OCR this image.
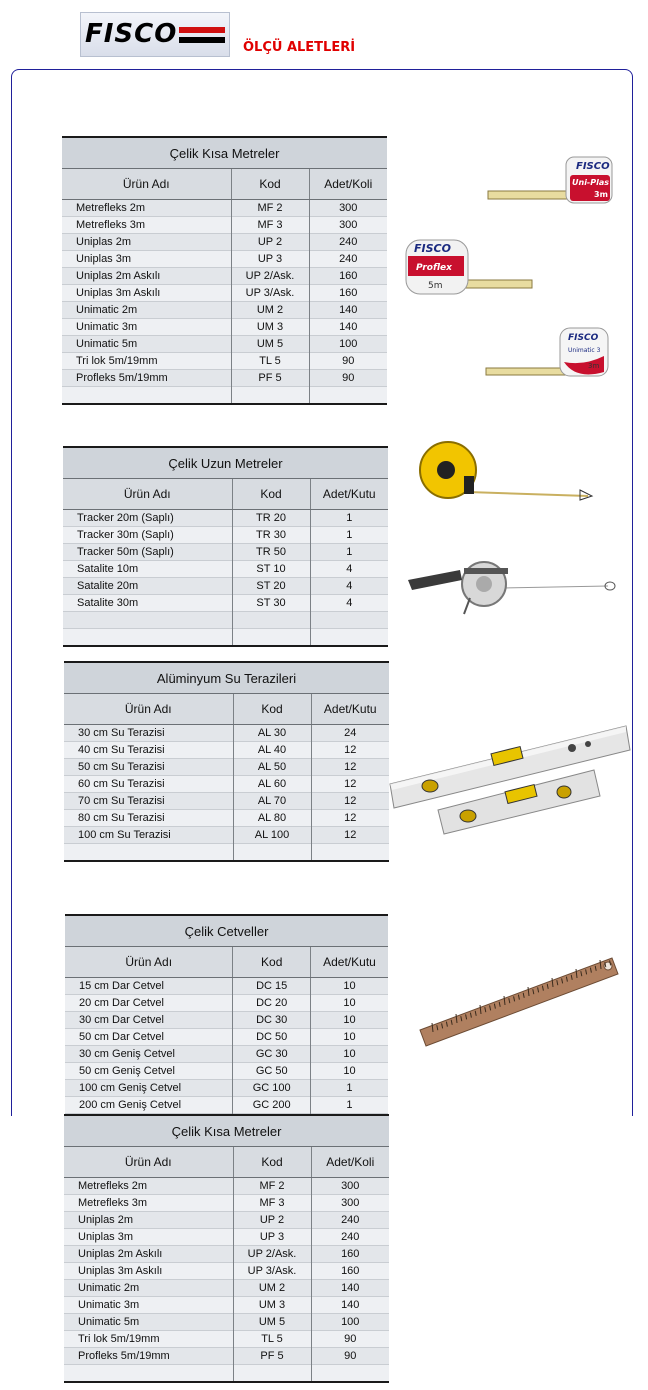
FISCO	ÖLÇÜ ALETLERİ
Çelik Kısa Metreler		
Ürün Adı	Kod	Adet/Koli
Metrefleks 2m	MF 2	300
Metrefleks 3m	MF 3	300
Uniplas 2m	UP 2	240
Uniplas 3m	UP 3	240
Uniplas 2m Askılı	UP 2/Ask.	160
Uniplas 3m Askılı	UP 3/Ask.	160
Unimatic 2m	UM 2	140
Unimatic 3m	UM 3	140
Unimatic 5m	UM 5	100
Tri lok 5m/19mm	TL 5	90
Profleks 5m/19mm	PF 5	90

Çelik Uzun Metreler		
Ürün Adı	Kod	Adet/Kutu
Tracker 20m (Saplı)	TR 20	1
Tracker 30m (Saplı)	TR 30	1
Tracker 50m (Saplı)	TR 50	1
Satalite 10m	ST 10	4
Satalite 20m	ST 20	4
Satalite 30m	ST 30	4

Alüminyum Su Terazileri		
Ürün Adı	Kod	Adet/Kutu
30 cm Su Terazisi	AL 30	24
40 cm Su Terazisi	AL 40	12
50 cm Su Terazisi	AL 50	12
60 cm Su Terazisi	AL 60	12
70 cm Su Terazisi	AL 70	12
80 cm Su Terazisi	AL 80	12
100 cm Su Terazisi	AL 100	12

Çelik Cetveller		
Ürün Adı	Kod	Adet/Kutu
15 cm Dar Cetvel	DC 15	10
20 cm Dar Cetvel	DC 20	10
30 cm Dar Cetvel	DC 30	10
50 cm Dar Cetvel	DC 50	10
30 cm Geniş Cetvel	GC 30	10
50 cm Geniş Cetvel	GC 50	10
100 cm Geniş Cetvel	GC 100	1
200 cm Geniş Cetvel	GC 200	1

Çelik Kısa Metreler		
Ürün Adı	Kod	Adet/Koli
Metrefleks 2m	MF 2	300
Metrefleks 3m	MF 3	300
Uniplas 2m	UP 2	240
Uniplas 3m	UP 3	240
Uniplas 2m Askılı	UP 2/Ask.	160
Uniplas 3m Askılı	UP 3/Ask.	160
Unimatic 2m	UM 2	140
Unimatic 3m	UM 3	140
Unimatic 5m	UM 5	100
Tri lok 5m/19mm	TL 5	90
Profleks 5m/19mm	PF 5	90

FISCO
Uni-Plas
3m
FISCO
Proflex
5m
FISCO
Unimatic 3
3m
